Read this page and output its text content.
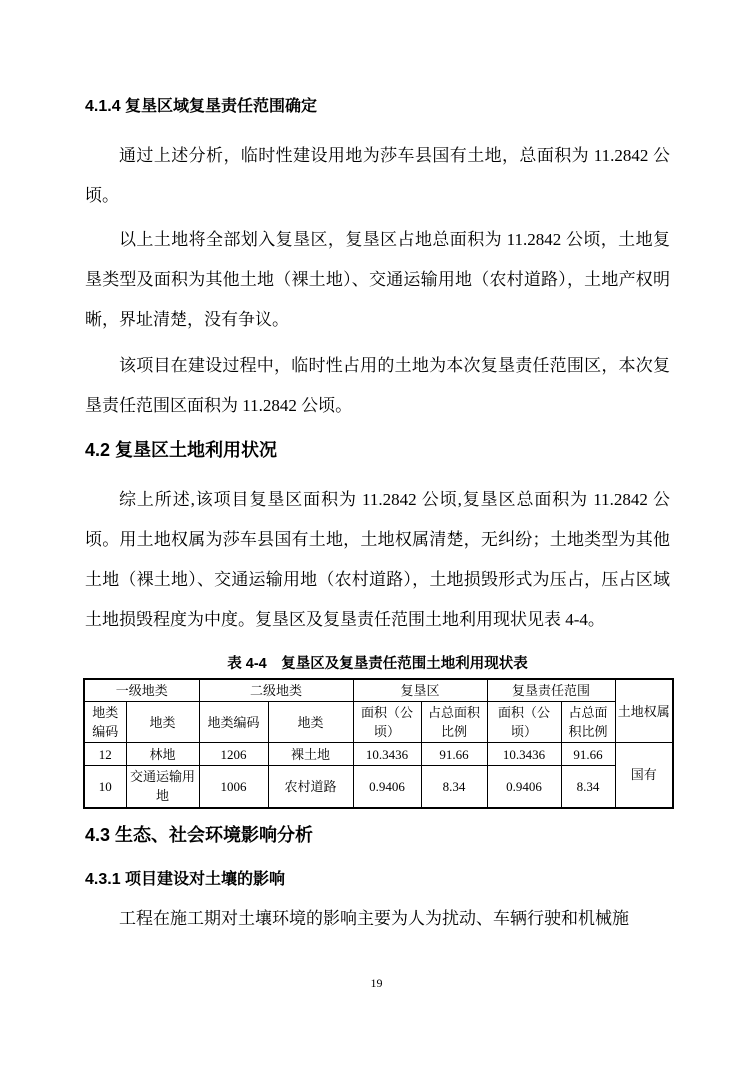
4.1.4 复垦区域复垦责任范围确定

通过上述分析，临时性建设用地为莎车县国有土地，总面积为 11.2842 公顷。

以上土地将全部划入复垦区，复垦区占地总面积为 11.2842 公顷，土地复垦类型及面积为其他土地（裸土地）、交通运输用地（农村道路），土地产权明晰，界址清楚，没有争议。

该项目在建设过程中，临时性占用的土地为本次复垦责任范围区，本次复垦责任范围区面积为 11.2842 公顷。

4.2 复垦区土地利用状况

综上所述,该项目复垦区面积为 11.2842 公顷,复垦区总面积为 11.2842 公顷。用土地权属为莎车县国有土地，土地权属清楚，无纠纷；土地类型为其他土地（裸土地）、交通运输用地（农村道路），土地损毁形式为压占，压占区域土地损毁程度为中度。复垦区及复垦责任范围土地利用现状见表 4-4。

表 4-4　复垦区及复垦责任范围土地利用现状表
一级地类		二级地类		复垦区		复垦责任范围		土地权属
地类编码	地类	地类编码	地类	面积（公顷）	占总面积比例	面积（公顷）	占总面积比例	
12	林地	1206	裸土地	10.3436	91.66	10.3436	91.66	国有
10	交通运输用地	1006	农村道路	0.9406	8.34	0.9406	8.34	
4.3 生态、社会环境影响分析
4.3.1 项目建设对土壤的影响

工程在施工期对土壤环境的影响主要为人为扰动、车辆行驶和机械施

19
